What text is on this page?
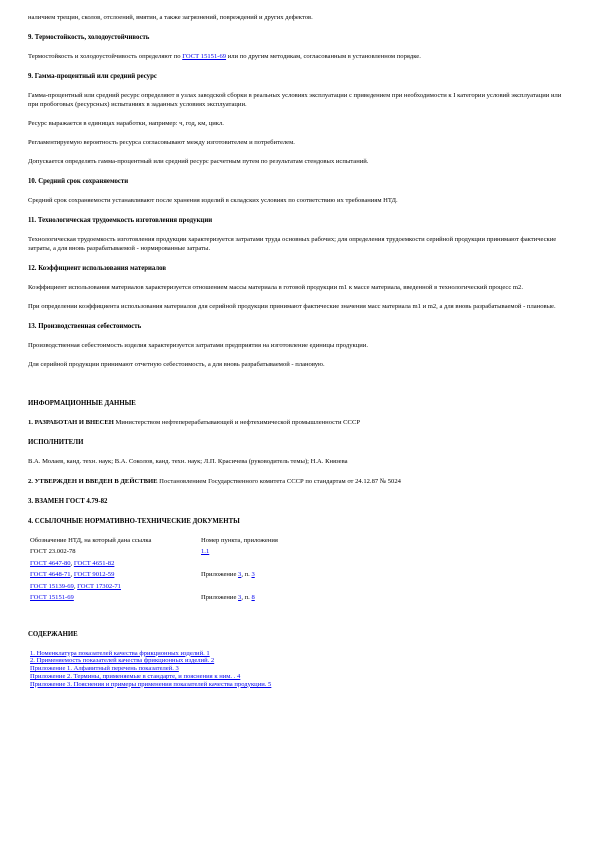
наличием трещин, сколов, отслоений, вмятин, а также загрязнений, повреждений и других дефектов.

9. Термостойкость, холодоустойчивость

Термостойкость и холодоустойчивость определяют по ГОСТ 15151-69 или по другим методикам, согласованным в установленном порядке.

9. Гамма-процентный или средний ресурс

Гамма-процентный или средний ресурс определяют в узлах заводской сборки в реальных условиях эксплуатации с приведением при необходимости к I категории условий эксплуатации или при пробоговых (ресурсных) испытаниях в заданных условиях эксплуатации.

Ресурс выражается в единицах наработки, например: ч, год, км, цикл.

Регламентируемую вероятность ресурса согласовывают между изготовителем и потребителем.

Допускается определять гамма-процентный или средний ресурс расчетным путем по результатам стендовых испытаний.

10. Средний срок сохраняемости

Средний срок сохраняемости устанавливают после хранения изделий в складских условиях по соответствию их требованиям НТД.

11. Технологическая трудоемкость изготовления продукции

Технологическая трудоемкость изготовления продукции характеризуется затратами труда основных рабочих; для определения трудоемкости серийной продукции принимают фактические затраты, а для вновь разрабатываемой - нормированные затраты.

12. Коэффициент использования материалов

Коэффициент использования материалов характеризуется отношением массы материала в готовой продукции m1 к массе материала, введенной в технологический процесс m2.

При определении коэффициента использования материалов для серийной продукции принимают фактические значения масс материала m1 и m2, а для вновь разрабатываемой - плановые.

13. Производственная себестоимость

Производственная себестоимость изделия характеризуется затратами предприятия на изготовление единицы продукции.

Для серийной продукции принимают отчетную себестоимость, а для вновь разрабатываемой - плановую.

ИНФОРМАЦИОННЫЕ ДАННЫЕ

1. РАЗРАБОТАН И ВНЕСЕН Министерством нефтеперерабатывающей и нефтехимической промышленности СССР

ИСПОЛНИТЕЛИ

В.А. Молаев, канд. техн. наук; В.А. Соколов, канд. техн. наук; Л.П. Красичева (руководитель темы); Н.А. Князева

2. УТВЕРЖДЕН И ВВЕДЕН В ДЕЙСТВИЕ Постановлением Государственного комитета СССР по стандартам от 24.12.87 № 5024

3. ВЗАМЕН ГОСТ 4.79-82
4. ССЫЛОЧНЫЕ НОРМАТИВНО-ТЕХНИЧЕСКИЕ ДОКУМЕНТЫ
Обозначение НТД, на который дана ссылка	Номер пункта, приложения
ГОСТ 23.002-78	1.1
ГОСТ 4647-80, ГОСТ 4651-82	
ГОСТ 4648-71, ГОСТ 9012-59	Приложение 3, п. 3
ГОСТ 15139-69, ГОСТ 17302-71	
ГОСТ 15151-69	Приложение 3, п. 8
СОДЕРЖАНИЕ
1. Номенклатура показателей качества фрикционных изделий. 1
2. Применяемость показателей качества фрикционных изделий. 2
Приложение 1. Алфавитный перечень показателей. 3
Приложение 2. Термины, применяемые в стандарте, и пояснения к ним. . 4
Приложение 3. Пояснения и примеры применения показателей качества продукции. 5
